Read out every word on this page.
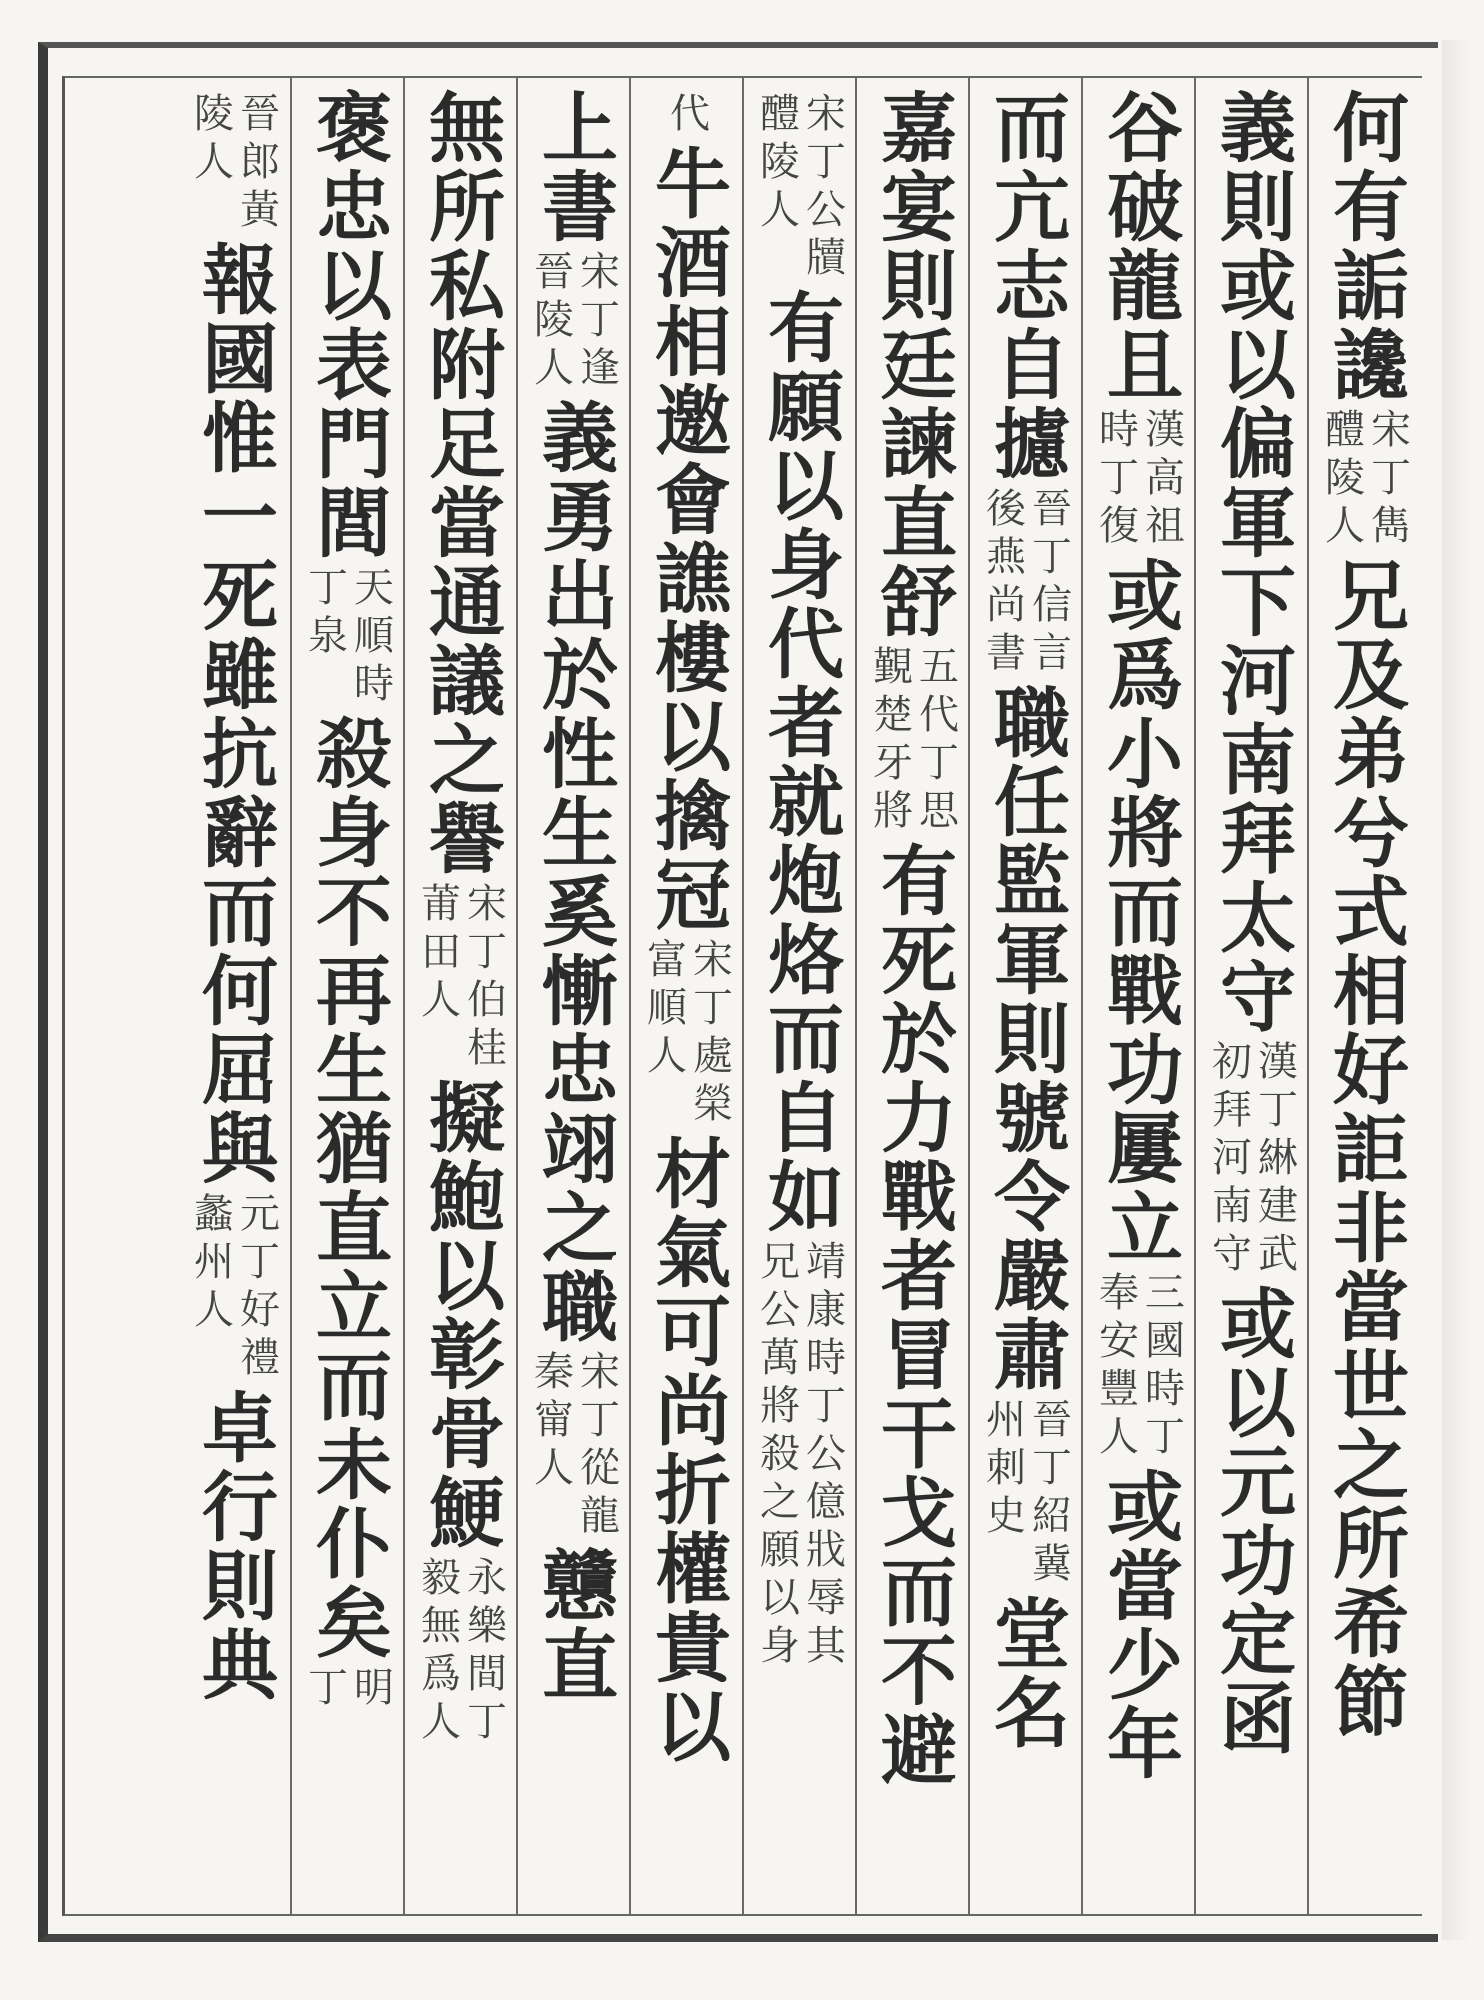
何有詬讒
宋丁雋
醴陵人
兄及弟兮式相好詎非當世之所希節
義則或以偏軍下河南拜太守
漢丁綝建武
初拜河南守
或以元功定函
谷破龍且
漢高祖
時丁復
或爲小將而戰功屢立
三國時丁
奉安豐人
或當少年
而亢志自攄
晉丁信言
後燕尚書
職任監軍則號令嚴肅
晉丁紹冀
州刺史
堂名
嘉宴則廷諫直舒
五代丁思
覲楚牙將
有死於力戰者冒干戈而不避
宋丁公牘
醴陵人
有願以身代者就炮烙而自如
靖康時丁公億戕辱其
兄公萬將殺之願以身
代
牛酒相邀會譙樓以擒冠
宋丁處榮
富順人
材氣可尚折權貴以
上書
宋丁逢
晉陵人
義勇出於性生奚慚忠翊之職
宋丁從龍
秦甯人
戇直
無所私附足當通議之譽
宋丁伯桂
莆田人
擬鮑以彰骨鯁
永樂間丁
毅無爲人
褒忠以表門閭
天順時
丁泉
殺身不再生猶直立而未仆矣
明
丁
晉郎黃
陵人
報國惟一死雖抗辭而何屈與
元丁好禮
蠡州人
卓行則典
